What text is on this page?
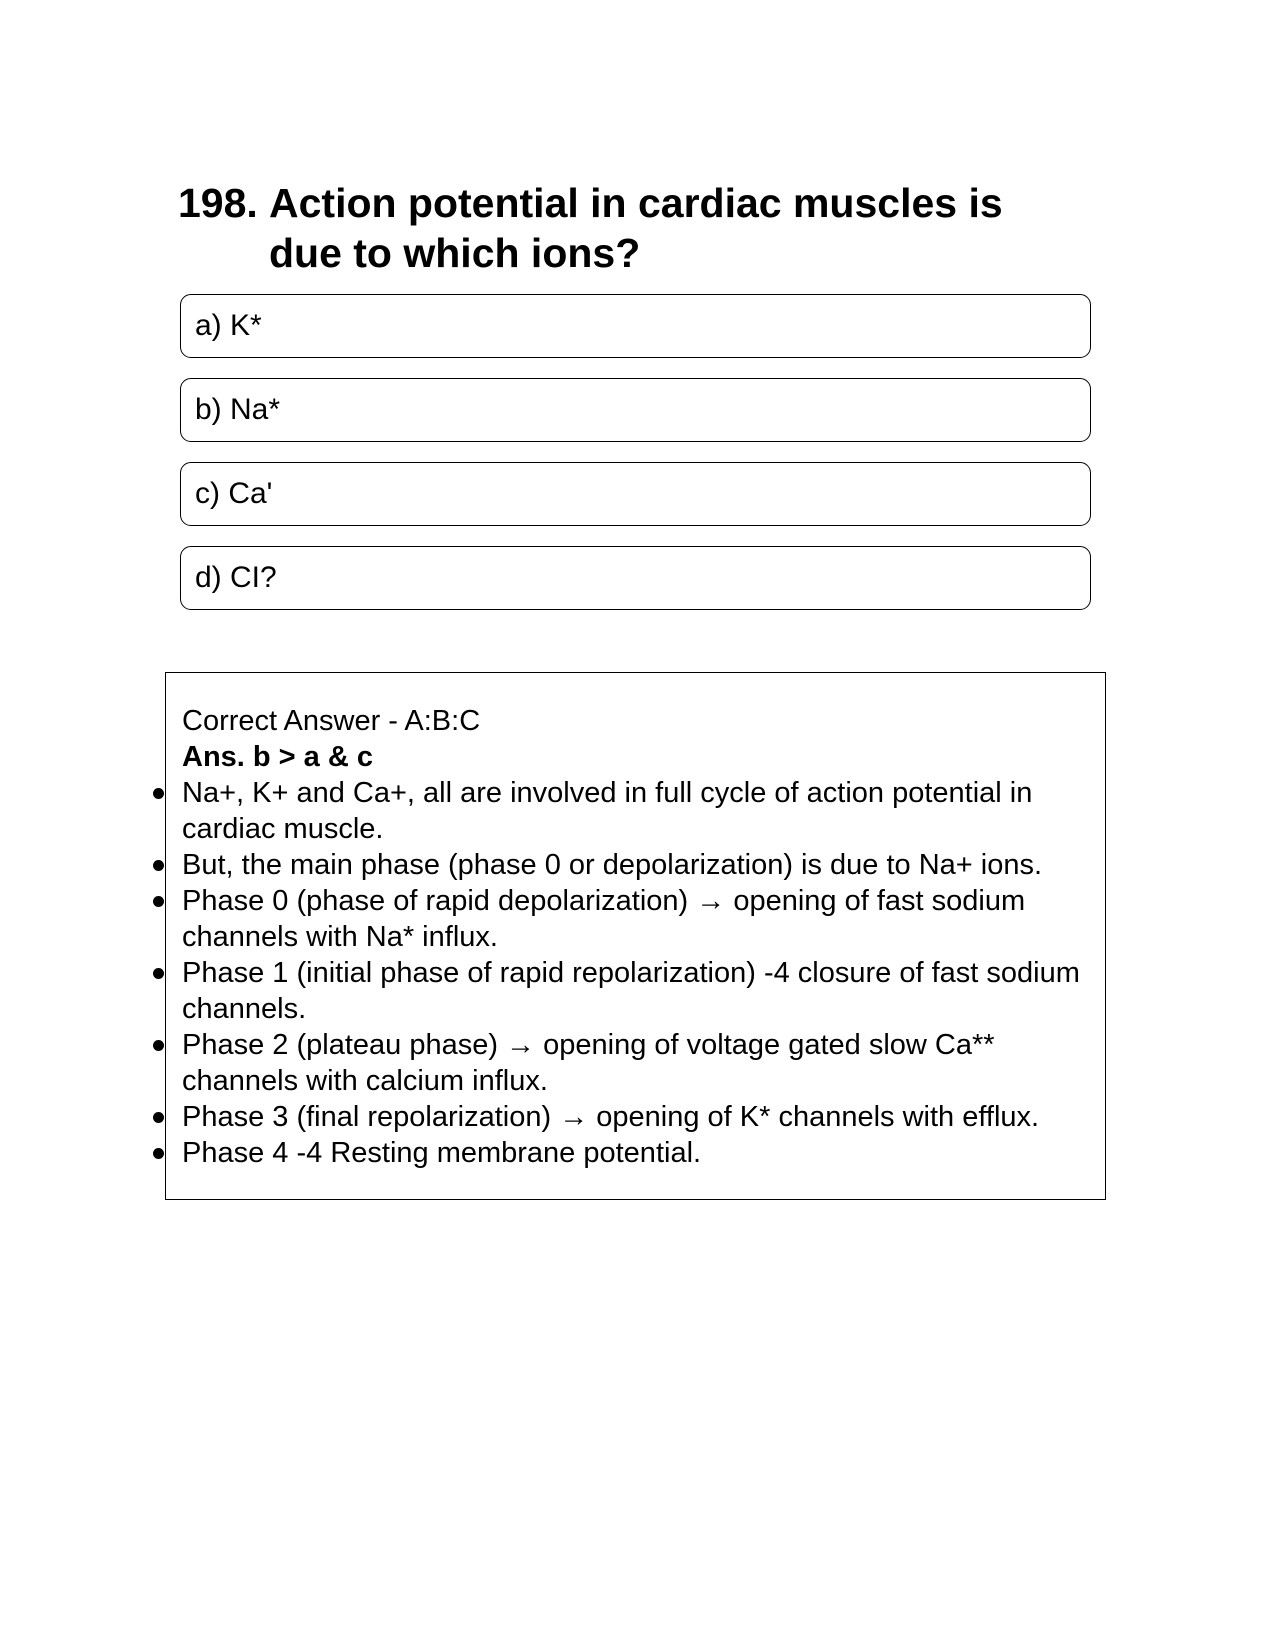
198. Action potential in cardiac muscles is due to which ions?
a) K*
b) Na*
c) Ca'
d) CI?

Correct Answer - A:B:C

Ans. b > a & c

Na+, K+ and Ca+, all are involved in full cycle of action potential in cardiac muscle.
But, the main phase (phase 0 or depolarization) is due to Na+ ions.
Phase 0 (phase of rapid depolarization) → opening of fast sodium channels with Na* influx.
Phase 1 (initial phase of rapid repolarization) -4 closure of fast sodium channels.
Phase 2 (plateau phase) → opening of voltage gated slow Ca** channels with calcium influx.
Phase 3 (final repolarization) → opening of K* channels with efflux.
Phase 4 -4 Resting membrane potential.
